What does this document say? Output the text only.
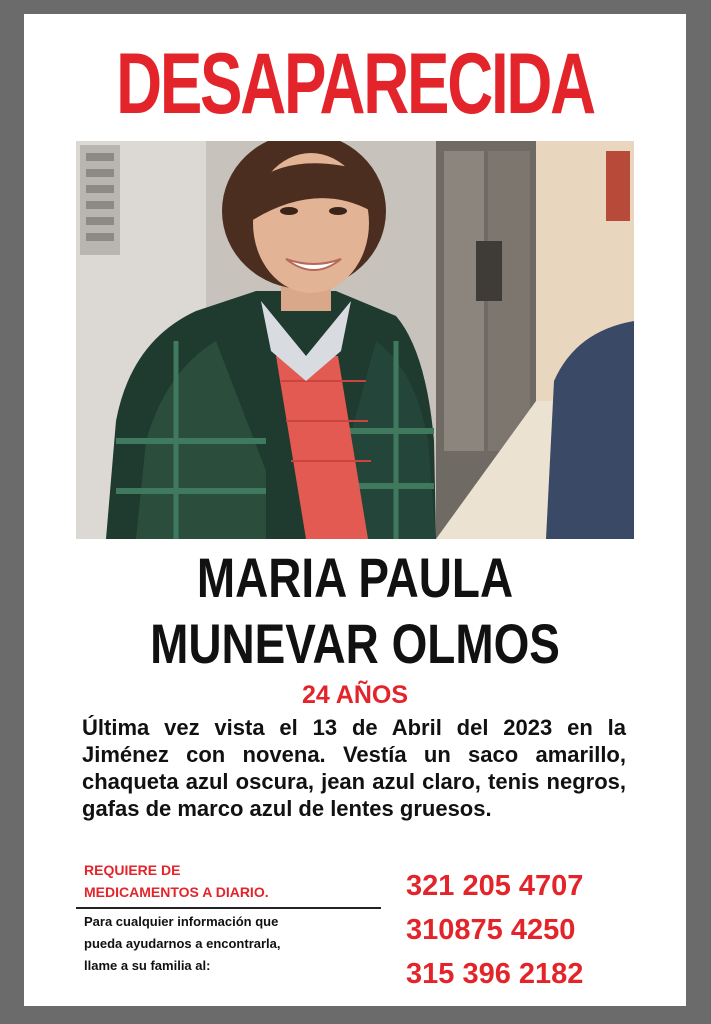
DESAPARECIDA
MARIA PAULA
MUNEVAR OLMOS
24 AÑOS
Última vez vista el 13 de Abril del 2023 en la Jiménez con novena. Vestía un saco amarillo, chaqueta azul oscura, jean azul claro, tenis negros, gafas de marco azul de lentes gruesos.
REQUIERE DE
MEDICAMENTOS A DIARIO.
Para cualquier información que
pueda ayudarnos a encontrarla,
llame a su familia al:
321 205 4707
310875 4250
315 396 2182
